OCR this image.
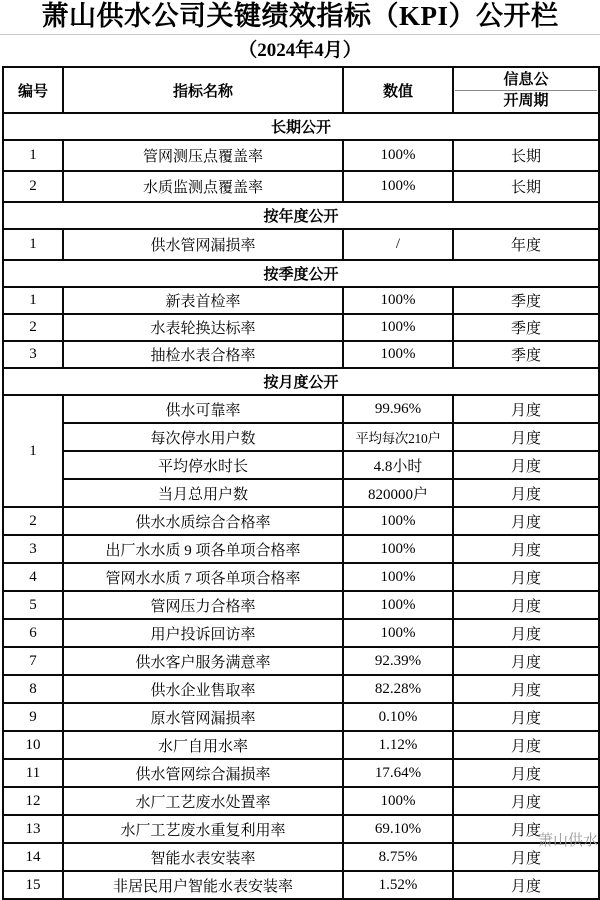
萧山供水公司关键绩效指标（KPI）公开栏
（2024年4月）
编号	指标名称	数值	信息公
开周期

长期公开			
1	管网测压点覆盖率	100%	长期
2	水质监测点覆盖率	100%	长期
按年度公开			
1	供水管网漏损率	/	年度
按季度公开			
1	新表首检率	100%	季度
2	水表轮换达标率	100%	季度
3	抽检水表合格率	100%	季度
按月度公开			
1	供水可靠率	99.96%	月度
	每次停水用户数	平均每次210户	月度
	平均停水时长	4.8小时	月度
	当月总用户数	820000户	月度
2	供水水质综合合格率	100%	月度
3	出厂水水质 9 项各单项合格率	100%	月度
4	管网水水质 7 项各单项合格率	100%	月度
5	管网压力合格率	100%	月度
6	用户投诉回访率	100%	月度
7	供水客户服务满意率	92.39%	月度
8	供水企业售取率	82.28%	月度
9	原水管网漏损率	0.10%	月度
10	水厂自用水率	1.12%	月度
11	供水管网综合漏损率	17.64%	月度
12	水厂工艺废水处置率	100%	月度
13	水厂工艺废水重复利用率	69.10%	月度
14	智能水表安装率	8.75%	月度
15	非居民用户智能水表安装率	1.52%	月度
萧山供水
